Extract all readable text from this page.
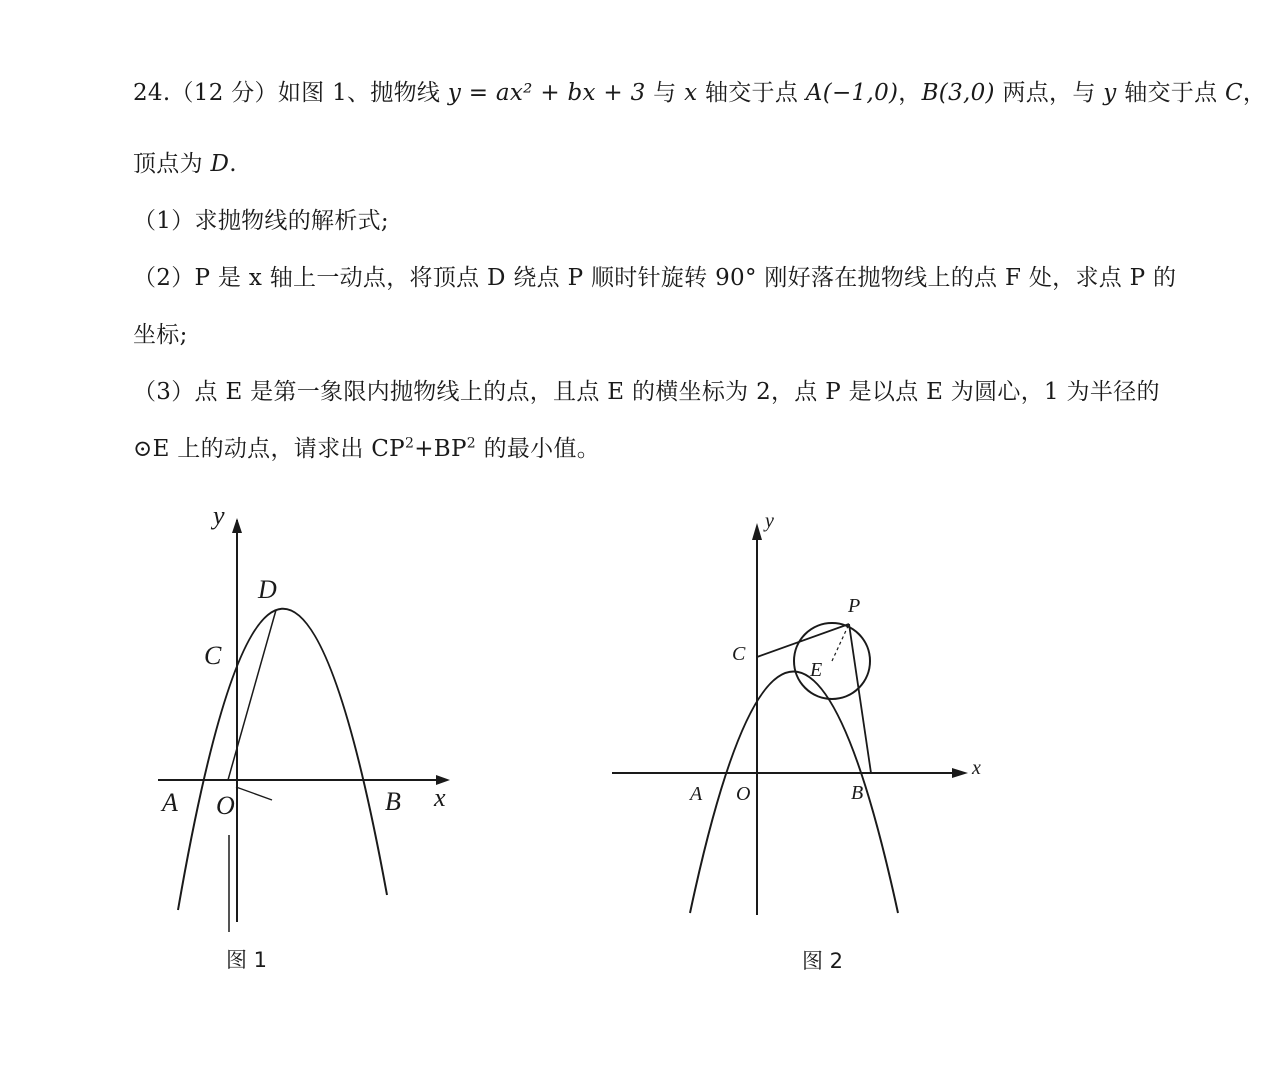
24.（12 分）如图 1、抛物线 y = ax² + bx + 3 与 x 轴交于点 A(−1,0)，B(3,0) 两点，与 y 轴交于点 C，
顶点为 D.
（1）求抛物线的解析式;
（2）P 是 x 轴上一动点，将顶点 D 绕点 P 顺时针旋转 90° 刚好落在抛物线上的点 F 处，求点 P 的
坐标;
（3）点 E 是第一象限内抛物线上的点，且点 E 的横坐标为 2，点 P 是以点 E 为圆心，1 为半径的
⊙E 上的动点，请求出 $CP^2+BP^2$ 的最小值。
y
x
D
C
A O	B
图 1
y
x
P
C
E
A O	B
图 2
